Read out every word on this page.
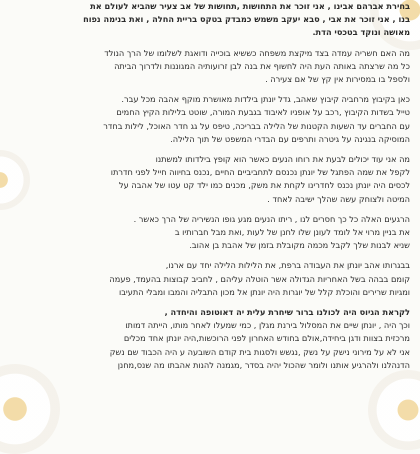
בחירת אברהם אבינו , אני זוכר את התחושות ,תחושות של אב צעיר שהביא לעולם את
בנו , אני זוכר את אבי , סבא יעקב משמש כמבדק בטקס בריית החלה , ואת בנימה נפוח
מאושה ונוקד בטכסי הדת.

מה האם חשריה עמדה בצד מיקצת משפחה כששיא בוכייה ודואגת לשלומו של הרך הנולד
כל מה שרצתה באותה העת היה לחשוף את בנה לבן זרועותיה המגוננות ולדרוך הביתה
ולספל בו במסירות אין קץ של אם צעירה .

כאן בקיבוץ מרחביה קיבוץ שאהב, גדל יונתן בילדות מאושרת מוקף אהבה מכל עבר.
טייל בשדות הקיבוץ ,רכב על אופניו לאיבוד בגבעת המורה, שוטט בלילות הקיץ החמים
עם החברים עד השעות הקטנות של הלילה בבריכה, טיפס על גג חדר האוכל, לילות בחדר
המוסיקה בנגינה על גיטרה ותרפים עם הבדרי המשפט של תוך הלילה.

מה אני עוד יכולים לבעת את רוחו הנעים כאשר הוא קופץ בילדותו למשתנו
לקפל את שמה הפתגל של יונתן נכנסם לתחביביים החיים ,נכנס בחיווה חייל לפני חדרתו
לכסים היה יונתן נכנס לחדרינו לקחת את משק, מכנים כמו ילד קט עטו של אהבה על
המיטה ולצוחק עשה שהלך ישיבה לאחד .

הרגעים האלה כל כך חסרים לנו , ריתו הנעים מגע גופו הנשיריה של הרך כאשר .
את בניין מרוי אל לומד לעונן שלו לחנן של לעות ,ואת מבל חברותיו ב
שניא לבנות שלך לקבל מכמה מקובלת בזמן של אהבת בן אהוב.

בבגרותו אהב יונתן את העבודה ברפת, את הלילות הלילה יחד עם ארנו,
קומם בבהה בשל האחריות הגדולה אשר הוטלה עליהם , לחביב קבוצות בהעמד, פעמה
ומגיות שרירים והוכלת קלל של יוגרות היה יונתן אל מכון התבליה והמבו ומבלי התעיבו

לקראת הגיוס היה לכולנו ברור שיחרת עלית יה דאוטופה והיחדה ,
וכך היה , יונתן שיים את המסלול בירנת מגלן , כמי שמעלו לאחר מותו, הייתה דמותו
מרכזית בצוות ודגן ביחידה,אולם בחודש האחרון לפני הרוכשות,היה יונתן אחד מכלים
אני לא על מירוני נישק על נשק ,נגשש ולסגות בית קודם השובעה ע היה הכבוד שם נשק
הדנהלנו ולהרגיע אותנו ולומר שהכול יהיה בסדר ,מגמנה להנות אהבתו מה שנס,מחנן
